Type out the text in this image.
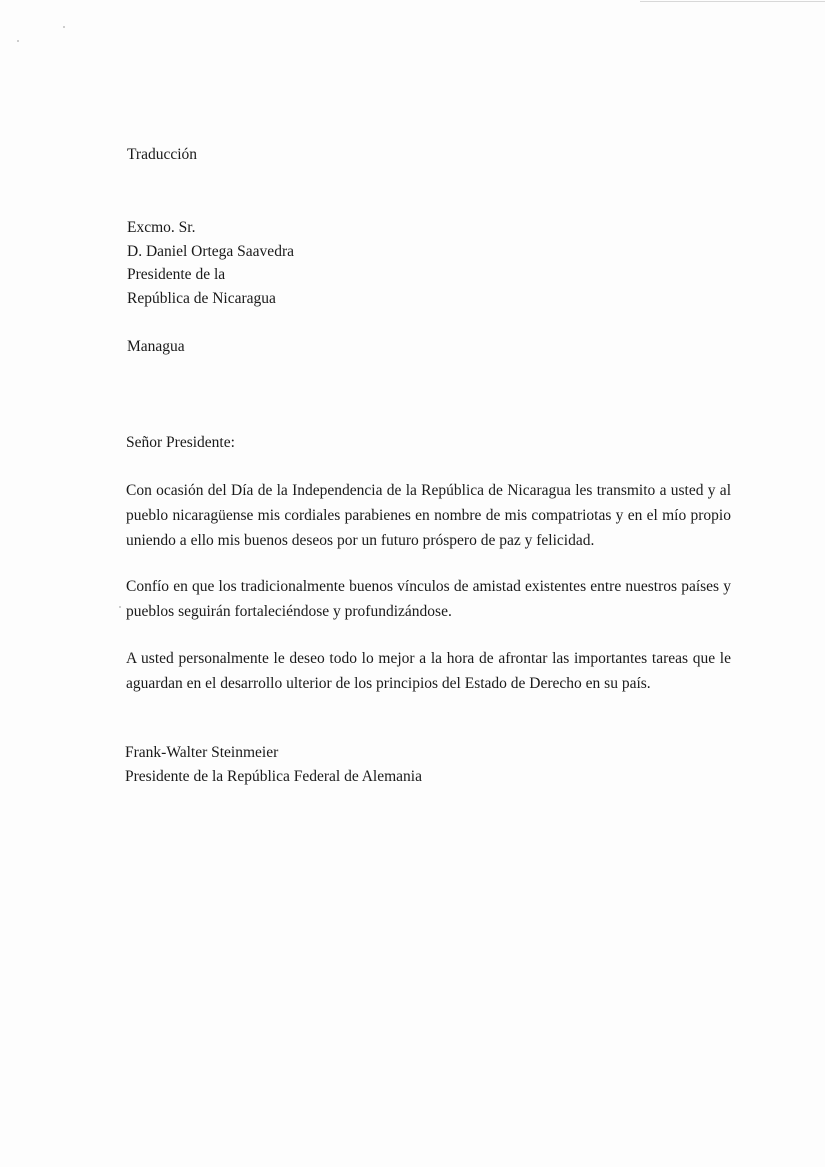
Traducción
Excmo. Sr.
D. Daniel Ortega Saavedra
Presidente de la
República de Nicaragua
Managua
Señor Presidente:
Con ocasión del Día de la Independencia de la República de Nicaragua les transmito a usted y al pueblo nicaragüense mis cordiales parabienes en nombre de mis compatriotas y en el mío propio uniendo a ello mis buenos deseos por un futuro próspero de paz y felicidad.
Confío en que los tradicionalmente buenos vínculos de amistad existentes entre nuestros países y pueblos seguirán fortaleciéndose y profundizándose.
A usted personalmente le deseo todo lo mejor a la hora de afrontar las importantes tareas que le aguardan en el desarrollo ulterior de los principios del Estado de Derecho en su país.
Frank-Walter Steinmeier
Presidente de la República Federal de Alemania
